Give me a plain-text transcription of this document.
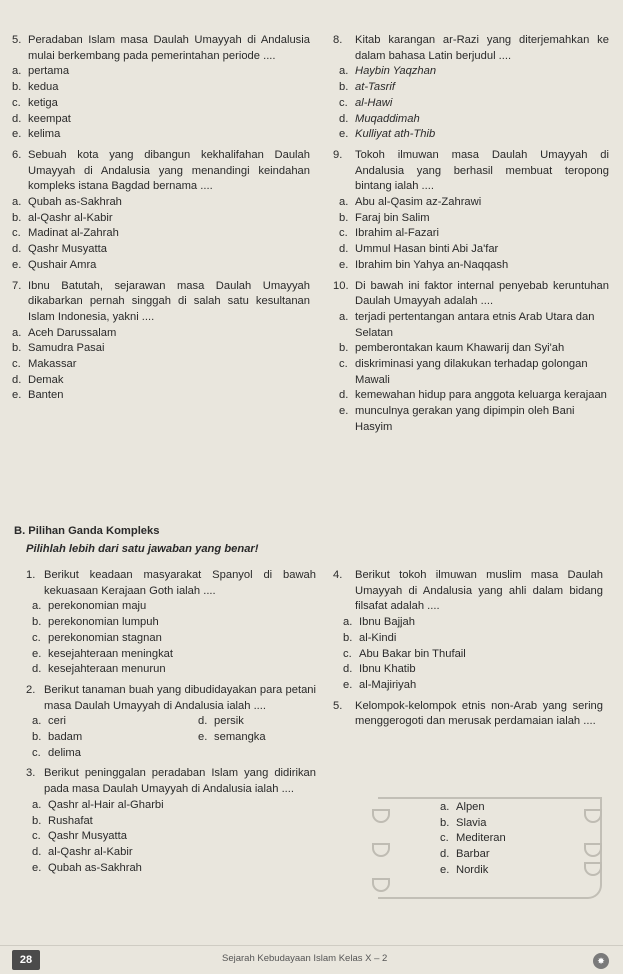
5. Peradaban Islam masa Daulah Umayyah di Andalusia mulai berkembang pada pemerintahan periode ....
a. pertama
b. kedua
c. ketiga
d. keempat
e. kelima
6. Sebuah kota yang dibangun kekhalifahan Daulah Umayyah di Andalusia yang menandingi keindahan kompleks istana Bagdad bernama ....
a. Qubah as-Sakhrah
b. al-Qashr al-Kabir
c. Madinat al-Zahrah
d. Qashr Musyatta
e. Qushair Amra
7. Ibnu Batutah, sejarawan masa Daulah Umayyah dikabarkan pernah singgah di salah satu kesultanan Islam Indonesia, yakni ....
a. Aceh Darussalam
b. Samudra Pasai
c. Makassar
d. Demak
e. Banten
8.	Kitab karangan ar-Razi yang diterjemahkan ke dalam bahasa Latin berjudul ....
a. Haybin Yaqzhan
b. at-Tasrif
c. al-Hawi
d. Muqaddimah
e. Kulliyat ath-Thib
9.	Tokoh ilmuwan masa Daulah Umayyah di Andalusia yang berhasil membuat teropong bintang ialah ....
a. Abu al-Qasim az-Zahrawi
b. Faraj bin Salim
c. Ibrahim al-Fazari
d. Ummul Hasan binti Abi Ja'far
e. Ibrahim bin Yahya an-Naqqash
10. Di bawah ini faktor internal penyebab keruntuhan Daulah Umayyah adalah ....
a. terjadi pertentangan antara etnis Arab Utara dan Selatan
b. pemberontakan kaum Khawarij dan Syi'ah
c. diskriminasi yang dilakukan terhadap golongan Mawali
d. kemewahan hidup para anggota keluarga kerajaan
e. munculnya gerakan yang dipimpin oleh Bani Hasyim
B. Pilihan Ganda Kompleks
Pilihlah lebih dari satu jawaban yang benar!
1. Berikut keadaan masyarakat Spanyol di bawah kekuasaan Kerajaan Goth ialah ....
a. perekonomian maju
b. perekonomian lumpuh
c. perekonomian stagnan
e. kesejahteraan meningkat
d. kesejahteraan menurun
2. Berikut tanaman buah yang dibudidayakan para petani masa Daulah Umayyah di Andalusia ialah ....
a. ceri	d. persik
b. badam	e. semangka
c. delima
3. Berikut peninggalan peradaban Islam yang didirikan pada masa Daulah Umayyah di Andalusia ialah ....
a. Qashr al-Hair al-Gharbi
b. Rushafat
c. Qashr Musyatta
d. al-Qashr al-Kabir
e. Qubah as-Sakhrah
4.	Berikut tokoh ilmuwan muslim masa Daulah Umayyah di Andalusia yang ahli dalam bidang filsafat adalah ....
a. Ibnu Bajjah
b. al-Kindi
c. Abu Bakar bin Thufail
d. Ibnu Khatib
e. al-Majiriyah
5.	Kelompok-kelompok etnis non-Arab yang sering menggerogoti dan merusak perdamaian ialah ....
a. Alpen
b. Slavia
c. Mediteran
d. Barbar
e. Nordik
28	Sejarah Kebudayaan Islam Kelas X – 2	✸
